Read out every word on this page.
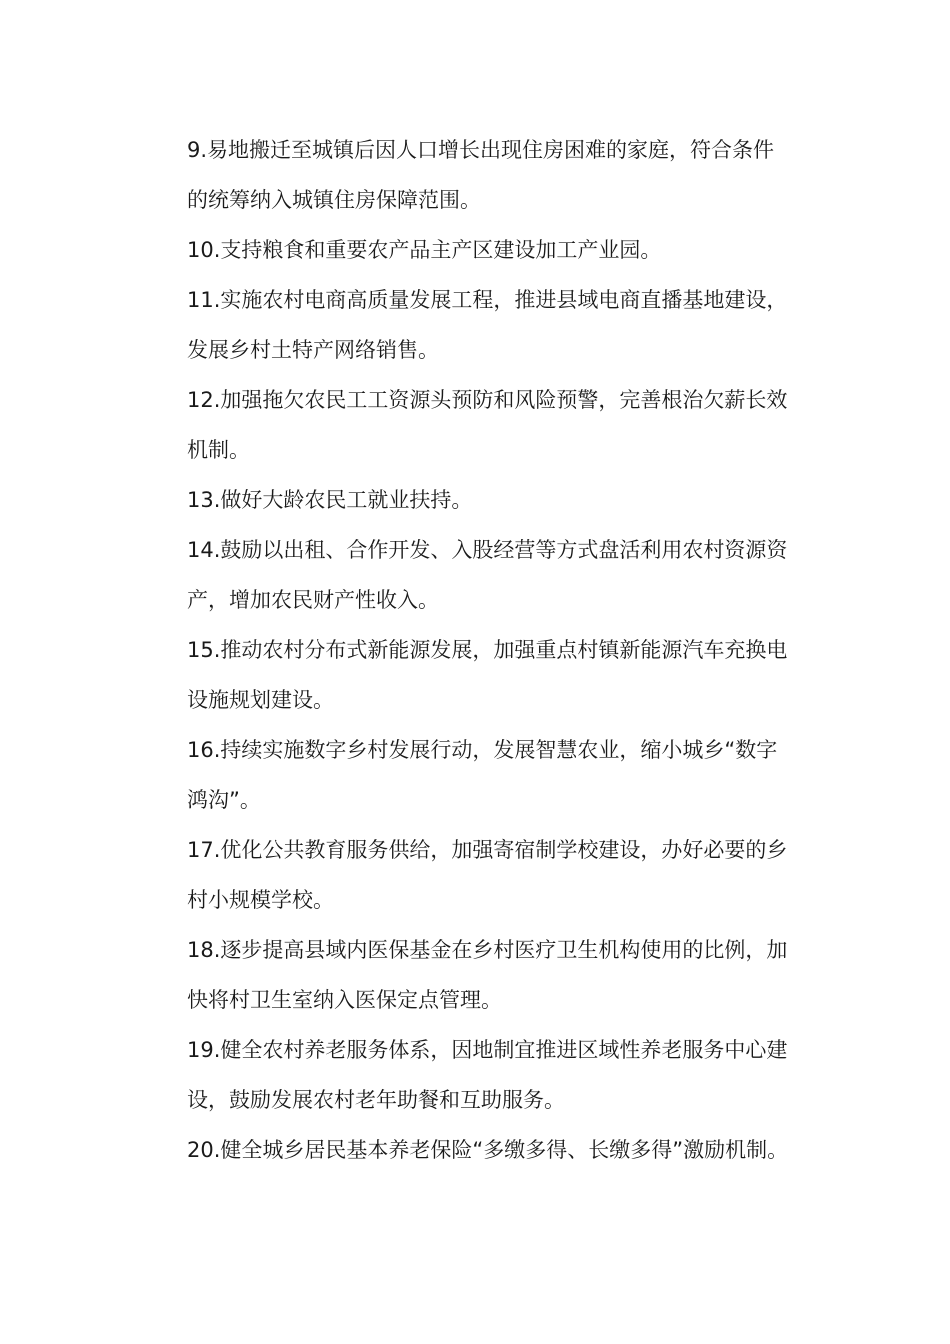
9.易地搬迁至城镇后因人口增长出现住房困难的家庭，符合条件
的统筹纳入城镇住房保障范围。

10.支持粮食和重要农产品主产区建设加工产业园。

11.实施农村电商高质量发展工程，推进县域电商直播基地建设，
发展乡村土特产网络销售。

12.加强拖欠农民工工资源头预防和风险预警，完善根治欠薪长效
机制。

13.做好大龄农民工就业扶持。

14.鼓励以出租、合作开发、入股经营等方式盘活利用农村资源资
产，增加农民财产性收入。

15.推动农村分布式新能源发展，加强重点村镇新能源汽车充换电
设施规划建设。

16.持续实施数字乡村发展行动，发展智慧农业，缩小城乡“数字
鸿沟”。

17.优化公共教育服务供给，加强寄宿制学校建设，办好必要的乡
村小规模学校。

18.逐步提高县域内医保基金在乡村医疗卫生机构使用的比例，加
快将村卫生室纳入医保定点管理。

19.健全农村养老服务体系，因地制宜推进区域性养老服务中心建
设，鼓励发展农村老年助餐和互助服务。

20.健全城乡居民基本养老保险“多缴多得、长缴多得”激励机制。
